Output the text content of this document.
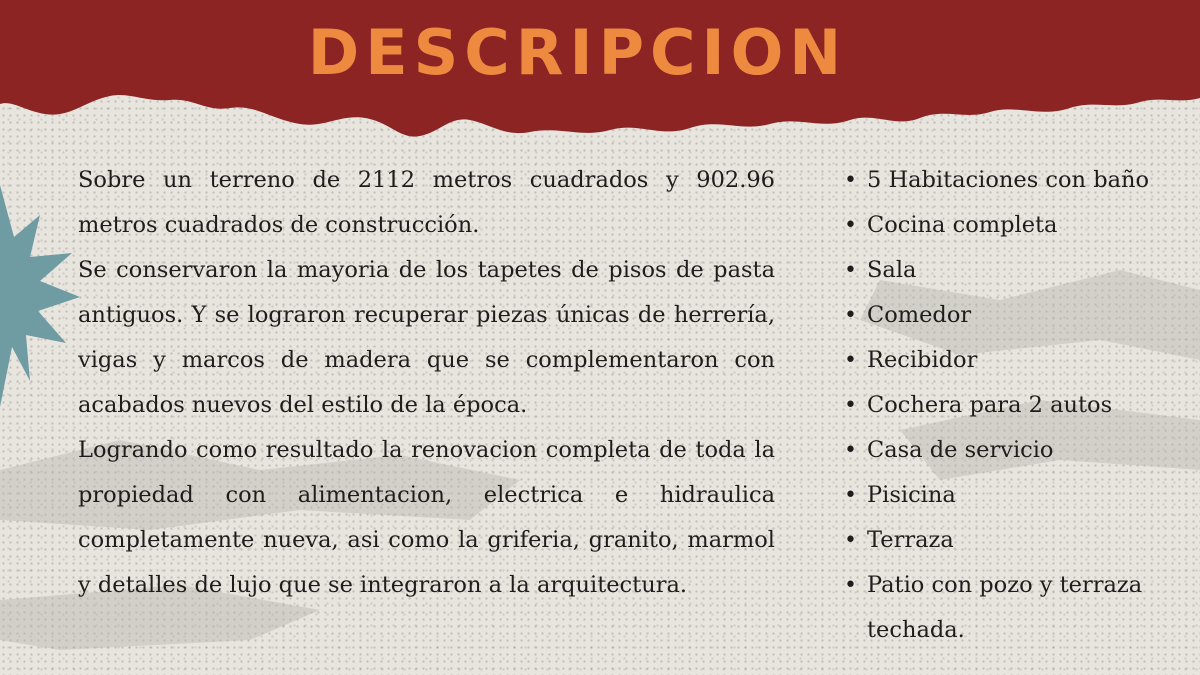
DESCRIPCION

Sobre un terreno de 2112 metros cuadrados y 902.96 metros cuadrados de construcción.

Se conservaron la mayoria de los tapetes de pisos de pasta antiguos. Y se lograron recuperar piezas únicas de herrería, vigas y marcos de madera que se complementaron con acabados nuevos del estilo de la época.

Logrando como resultado la renovacion completa de toda la propiedad con alimentacion, electrica e hidraulica completamente nueva, asi como la griferia, granito, marmol y detalles de lujo que se integraron a la arquitectura.

• 5 Habitaciones con baño
• Cocina completa
• Sala
• Comedor
• Recibidor
• Cochera para 2 autos
• Casa de servicio
• Pisicina
• Terraza
• Patio con pozo y terraza techada.
